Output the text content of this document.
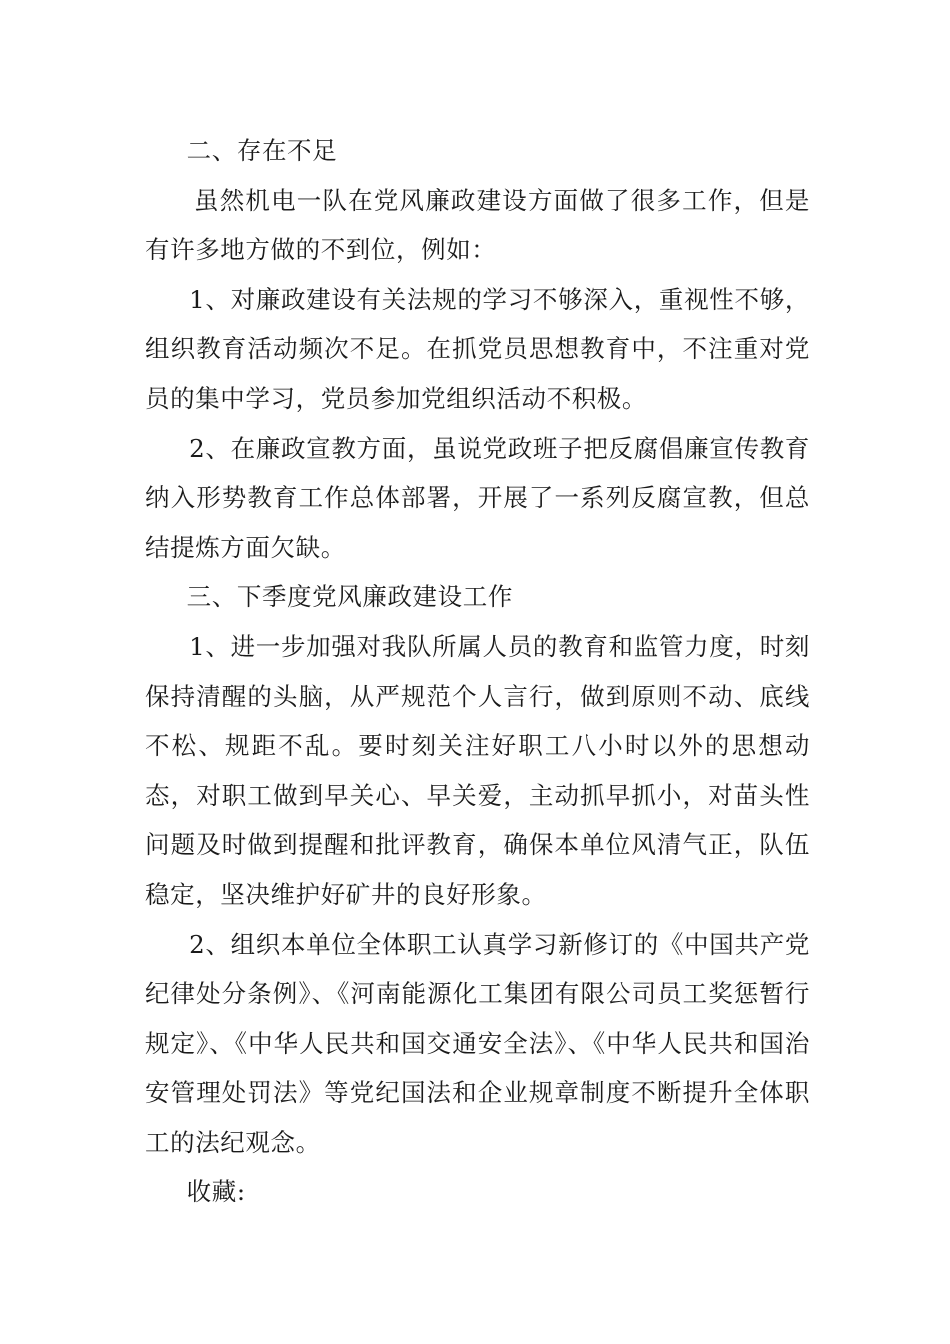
二、存在不足

虽然机电一队在党风廉政建设方面做了很多工作，但是有许多地方做的不到位，例如：

1、对廉政建设有关法规的学习不够深入，重视性不够，组织教育活动频次不足。在抓党员思想教育中，不注重对党员的集中学习，党员参加党组织活动不积极。

2、在廉政宣教方面，虽说党政班子把反腐倡廉宣传教育纳入形势教育工作总体部署，开展了一系列反腐宣教，但总结提炼方面欠缺。

三、下季度党风廉政建设工作

1、进一步加强对我队所属人员的教育和监管力度，时刻保持清醒的头脑，从严规范个人言行，做到原则不动、底线不松、规距不乱。要时刻关注好职工八小时以外的思想动态，对职工做到早关心、早关爱，主动抓早抓小，对苗头性问题及时做到提醒和批评教育，确保本单位风清气正，队伍稳定，坚决维护好矿井的良好形象。

2、组织本单位全体职工认真学习新修订的《中国共产党纪律处分条例》、《河南能源化工集团有限公司员工奖惩暂行规定》、《中华人民共和国交通安全法》、《中华人民共和国治安管理处罚法》等党纪国法和企业规章制度不断提升全体职工的法纪观念。

收藏:
